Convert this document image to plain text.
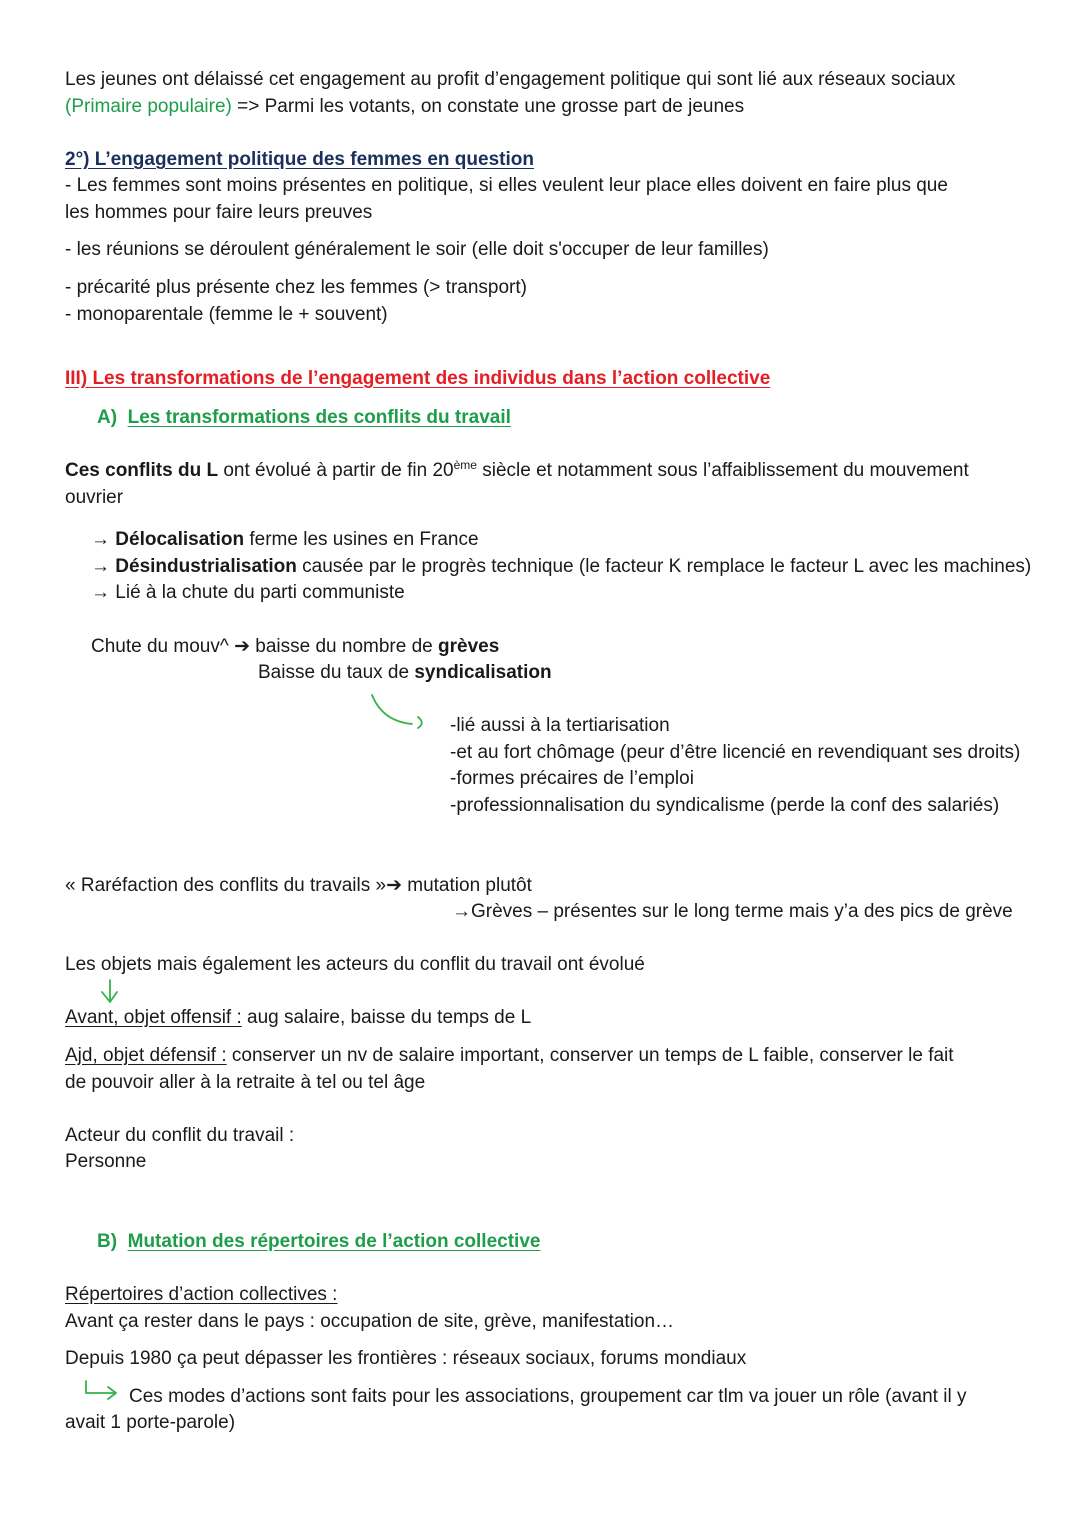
Les jeunes ont délaissé cet engagement au profit d’engagement politique qui sont lié aux réseaux sociaux
(Primaire populaire) => Parmi les votants, on constate une grosse part de jeunes
2°) L’engagement politique des femmes en question
- Les femmes sont moins présentes en politique, si elles veulent leur place elles doivent en faire plus que
les hommes pour faire leurs preuves
- les réunions se déroulent généralement le soir (elle doit s'occuper de leur familles)
- précarité plus présente chez les femmes (> transport)
- monoparentale (femme le + souvent)
III) Les transformations de l’engagement des individus dans l’action collective
A) Les transformations des conflits du travail
Ces conflits du L ont évolué à partir de fin 20ème siècle et notamment sous l’affaiblissement du mouvement
ouvrier
→ Délocalisation ferme les usines en France
→ Désindustrialisation causée par le progrès technique (le facteur K remplace le facteur L avec les machines)
→ Lié à la chute du parti communiste
Chute du mouv^ ➔ baisse du nombre de grèves
Baisse du taux de syndicalisation
-lié aussi à la tertiarisation
-et au fort chômage (peur d’être licencié en revendiquant ses droits)
-formes précaires de l’emploi
-professionnalisation du syndicalisme (perde la conf des salariés)
« Raréfaction des conflits du travails »➔ mutation plutôt
→Grèves – présentes sur le long terme mais y’a des pics de grève
Les objets mais également les acteurs du conflit du travail ont évolué
Avant, objet offensif : aug salaire, baisse du temps de L
Ajd, objet défensif : conserver un nv de salaire important, conserver un temps de L faible, conserver le fait
de pouvoir aller à la retraite à tel ou tel âge
Acteur du conflit du travail :
Personne
B) Mutation des répertoires de l’action collective
Répertoires d’action collectives :
Avant ça rester dans le pays : occupation de site, grève, manifestation…
Depuis 1980 ça peut dépasser les frontières : réseaux sociaux, forums mondiaux
Ces modes d’actions sont faits pour les associations, groupement car tlm va jouer un rôle (avant il y
avait 1 porte-parole)
